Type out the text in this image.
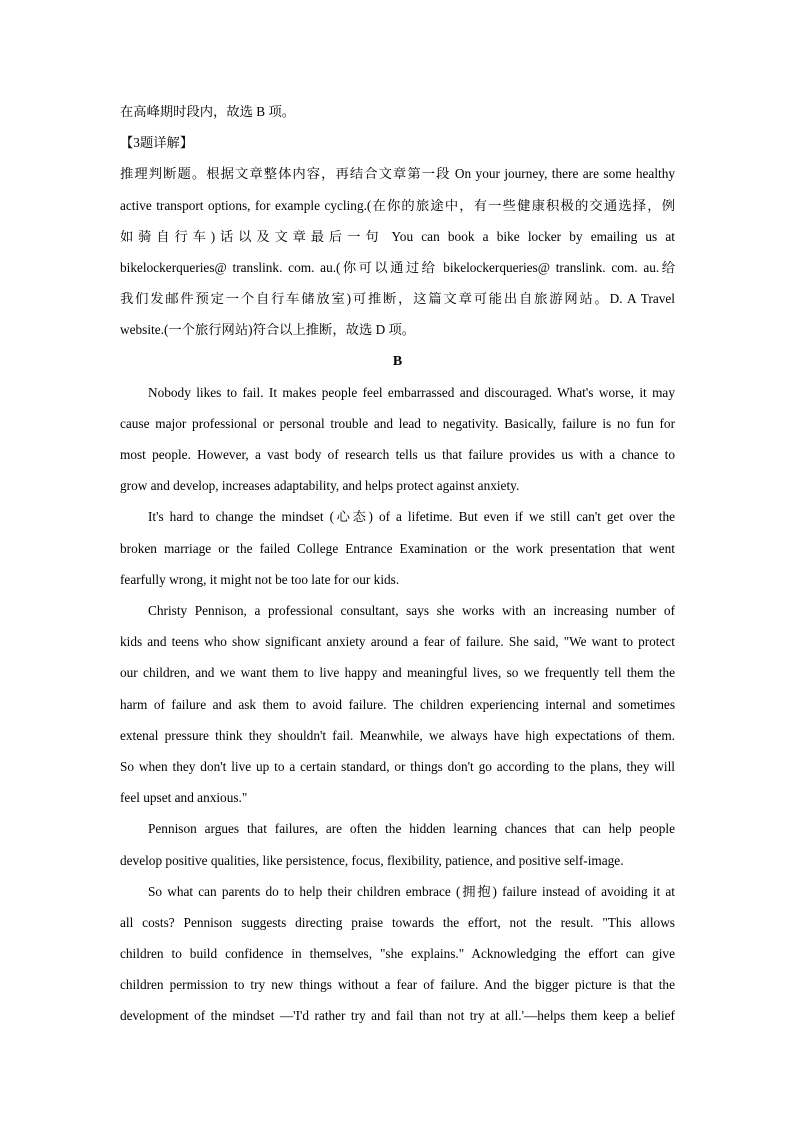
在高峰期时段内，故选 B 项。
【3题详解】
推理判断题。根据文章整体内容，再结合文章第一段 On your journey, there are some healthy
active transport options, for example cycling.(在你的旅途中，有一些健康积极的交通选择，例
如骑自行车)话以及文章最后一句 You can book a bike locker by emailing us at
bikelockerqueries@ translink. com. au.(你可以通过给 bikelockerqueries@ translink. com. au.给
我们发邮件预定一个自行车储放室)可推断，这篇文章可能出自旅游网站。D. A Travel
website.(一个旅行网站)符合以上推断，故选 D 项。
B
Nobody likes to fail. It makes people feel embarrassed and discouraged. What's worse, it may
cause major professional or personal trouble and lead to negativity. Basically, failure is no fun for
most people. However, a vast body of research tells us that failure provides us with a chance to
grow and develop, increases adaptability, and helps protect against anxiety.
It's hard to change the mindset (心态) of a lifetime. But even if we still can't get over the
broken marriage or the failed College Entrance Examination or the work presentation that went
fearfully wrong, it might not be too late for our kids.
Christy Pennison, a professional consultant, says she works with an increasing number of
kids and teens who show significant anxiety around a fear of failure. She said, "We want to protect
our children, and we want them to live happy and meaningful lives, so we frequently tell them the
harm of failure and ask them to avoid failure. The children experiencing internal and sometimes
extenal pressure think they shouldn't fail. Meanwhile, we always have high expectations of them.
So when they don't live up to a certain standard, or things don't go according to the plans, they will
feel upset and anxious."
Pennison argues that failures, are often the hidden learning chances that can help people
develop positive qualities, like persistence, focus, flexibility, patience, and positive self-image.
So what can parents do to help their children embrace (拥抱) failure instead of avoiding it at
all costs? Pennison suggests directing praise towards the effort, not the result. "This allows
children to build confidence in themselves, "she explains." Acknowledging the effort can give
children permission to try new things without a fear of failure. And the bigger picture is that the
development of the mindset —'I'd rather try and fail than not try at all.'—helps them keep a belief
